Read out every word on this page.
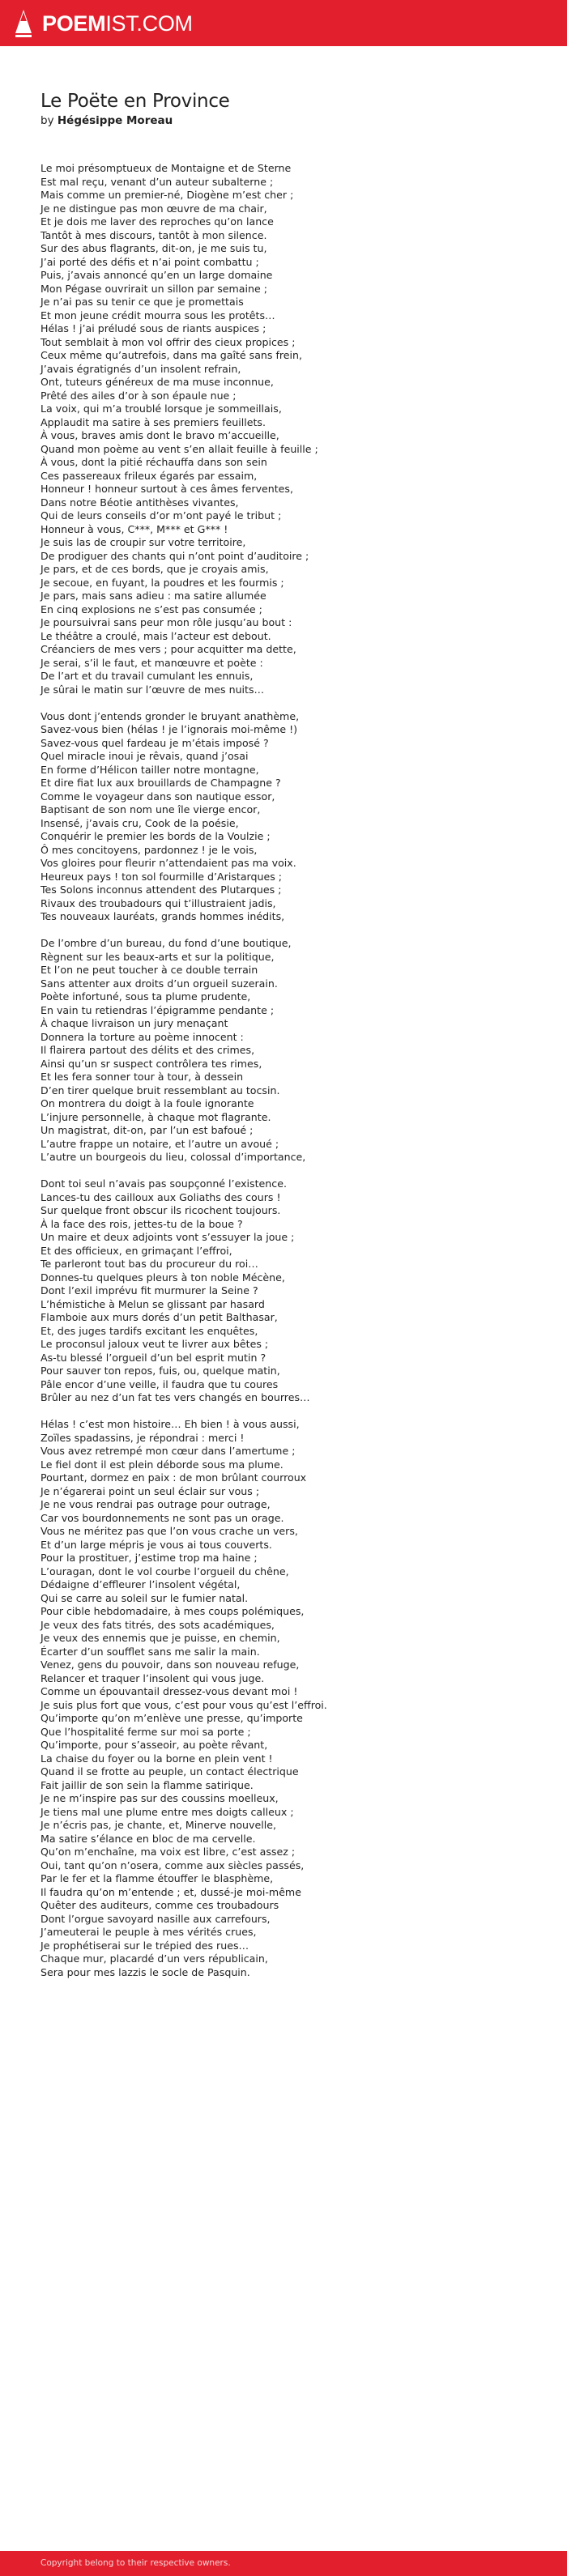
POEMIST.COM
Le Poëte en Province
by Hégésippe Moreau
Le moi présomptueux de Montaigne et de Sterne
Est mal reçu, venant d’un auteur subalterne ;
Mais comme un premier-né, Diogène m’est cher ;
Je ne distingue pas mon œuvre de ma chair,
Et je dois me laver des reproches qu’on lance
Tantôt à mes discours, tantôt à mon silence.
Sur des abus flagrants, dit-on, je me suis tu,
J’ai porté des défis et n’ai point combattu ;
Puis, j’avais annoncé qu’en un large domaine
Mon Pégase ouvrirait un sillon par semaine ;
Je n’ai pas su tenir ce que je promettais
Et mon jeune crédit mourra sous les protêts…
Hélas ! j’ai préludé sous de riants auspices ;
Tout semblait à mon vol offrir des cieux propices ;
Ceux même qu’autrefois, dans ma gaîté sans frein,
J’avais égratignés d’un insolent refrain,
Ont, tuteurs généreux de ma muse inconnue,
Prêté des ailes d’or à son épaule nue ;
La voix, qui m’a troublé lorsque je sommeillais,
Applaudit ma satire à ses premiers feuillets.
À vous, braves amis dont le bravo m’accueille,
Quand mon poème au vent s’en allait feuille à feuille ;
À vous, dont la pitié réchauffa dans son sein
Ces passereaux frileux égarés par essaim,
Honneur ! honneur surtout à ces âmes ferventes,
Dans notre Béotie antithèses vivantes,
Qui de leurs conseils d’or m’ont payé le tribut ;
Honneur à vous, C***, M*** et G*** !
Je suis las de croupir sur votre territoire,
De prodiguer des chants qui n’ont point d’auditoire ;
Je pars, et de ces bords, que je croyais amis,
Je secoue, en fuyant, la poudres et les fourmis ;
Je pars, mais sans adieu : ma satire allumée
En cinq explosions ne s’est pas consumée ;
Je poursuivrai sans peur mon rôle jusqu’au bout :
Le théâtre a croulé, mais l’acteur est debout.
Créanciers de mes vers ; pour acquitter ma dette,
Je serai, s’il le faut, et manœuvre et poète :
De l’art et du travail cumulant les ennuis,
Je sûrai le matin sur l’œuvre de mes nuits…
Vous dont j’entends gronder le bruyant anathème,
Savez-vous bien (hélas ! je l’ignorais moi-même !)
Savez-vous quel fardeau je m’étais imposé ?
Quel miracle inoui je rêvais, quand j’osai
En forme d’Hélicon tailler notre montagne,
Et dire fiat lux aux brouillards de Champagne ?
Comme le voyageur dans son nautique essor,
Baptisant de son nom une île vierge encor,
Insensé, j’avais cru, Cook de la poésie,
Conquérir le premier les bords de la Voulzie ;
Ô mes concitoyens, pardonnez ! je le vois,
Vos gloires pour fleurir n’attendaient pas ma voix.
Heureux pays ! ton sol fourmille d’Aristarques ;
Tes Solons inconnus attendent des Plutarques ;
Rivaux des troubadours qui t’illustraient jadis,
Tes nouveaux lauréats, grands hommes inédits,
De l’ombre d’un bureau, du fond d’une boutique,
Règnent sur les beaux-arts et sur la politique,
Et l’on ne peut toucher à ce double terrain
Sans attenter aux droits d’un orgueil suzerain.
Poète infortuné, sous ta plume prudente,
En vain tu retiendras l’épigramme pendante ;
À chaque livraison un jury menaçant
Donnera la torture au poème innocent :
Il flairera partout des délits et des crimes,
Ainsi qu’un sr suspect contrôlera tes rimes,
Et les fera sonner tour à tour, à dessein
D’en tirer quelque bruit ressemblant au tocsin.
On montrera du doigt à la foule ignorante
L’injure personnelle, à chaque mot flagrante.
Un magistrat, dit-on, par l’un est bafoué ;
L’autre frappe un notaire, et l’autre un avoué ;
L’autre un bourgeois du lieu, colossal d’importance,
Dont toi seul n’avais pas soupçonné l’existence.
Lances-tu des cailloux aux Goliaths des cours !
Sur quelque front obscur ils ricochent toujours.
À la face des rois, jettes-tu de la boue ?
Un maire et deux adjoints vont s’essuyer la joue ;
Et des officieux, en grimaçant l’effroi,
Te parleront tout bas du procureur du roi…
Donnes-tu quelques pleurs à ton noble Mécène,
Dont l’exil imprévu fit murmurer la Seine ?
L’hémistiche à Melun se glissant par hasard
Flamboie aux murs dorés d’un petit Balthasar,
Et, des juges tardifs excitant les enquêtes,
Le proconsul jaloux veut te livrer aux bêtes ;
As-tu blessé l’orgueil d’un bel esprit mutin ?
Pour sauver ton repos, fuis, ou, quelque matin,
Pâle encor d’une veille, il faudra que tu coures
Brûler au nez d’un fat tes vers changés en bourres…
Hélas ! c’est mon histoire… Eh bien ! à vous aussi,
Zoïles spadassins, je répondrai : merci !
Vous avez retrempé mon cœur dans l’amertume ;
Le fiel dont il est plein déborde sous ma plume.
Pourtant, dormez en paix : de mon brûlant courroux
Je n’égarerai point un seul éclair sur vous ;
Je ne vous rendrai pas outrage pour outrage,
Car vos bourdonnements ne sont pas un orage.
Vous ne méritez pas que l’on vous crache un vers,
Et d’un large mépris je vous ai tous couverts.
Pour la prostituer, j’estime trop ma haine ;
L’ouragan, dont le vol courbe l’orgueil du chêne,
Dédaigne d’effleurer l’insolent végétal,
Qui se carre au soleil sur le fumier natal.
Pour cible hebdomadaire, à mes coups polémiques,
Je veux des fats titrés, des sots académiques,
Je veux des ennemis que je puisse, en chemin,
Écarter d’un soufflet sans me salir la main.
Venez, gens du pouvoir, dans son nouveau refuge,
Relancer et traquer l’insolent qui vous juge.
Comme un épouvantail dressez-vous devant moi !
Je suis plus fort que vous, c’est pour vous qu’est l’effroi.
Qu’importe qu’on m’enlève une presse, qu’importe
Que l’hospitalité ferme sur moi sa porte ;
Qu’importe, pour s’asseoir, au poète rêvant,
La chaise du foyer ou la borne en plein vent !
Quand il se frotte au peuple, un contact électrique
Fait jaillir de son sein la flamme satirique.
Je ne m’inspire pas sur des coussins moelleux,
Je tiens mal une plume entre mes doigts calleux ;
Je n’écris pas, je chante, et, Minerve nouvelle,
Ma satire s’élance en bloc de ma cervelle.
Qu’on m’enchaîne, ma voix est libre, c’est assez ;
Oui, tant qu’on n’osera, comme aux siècles passés,
Par le fer et la flamme étouffer le blasphème,
Il faudra qu’on m’entende ; et, dussé-je moi-même
Quêter des auditeurs, comme ces troubadours
Dont l’orgue savoyard nasille aux carrefours,
J’ameuterai le peuple à mes vérités crues,
Je prophétiserai sur le trépied des rues…
Chaque mur, placardé d’un vers républicain,
Sera pour mes lazzis le socle de Pasquin.
Copyright belong to their respective owners.
